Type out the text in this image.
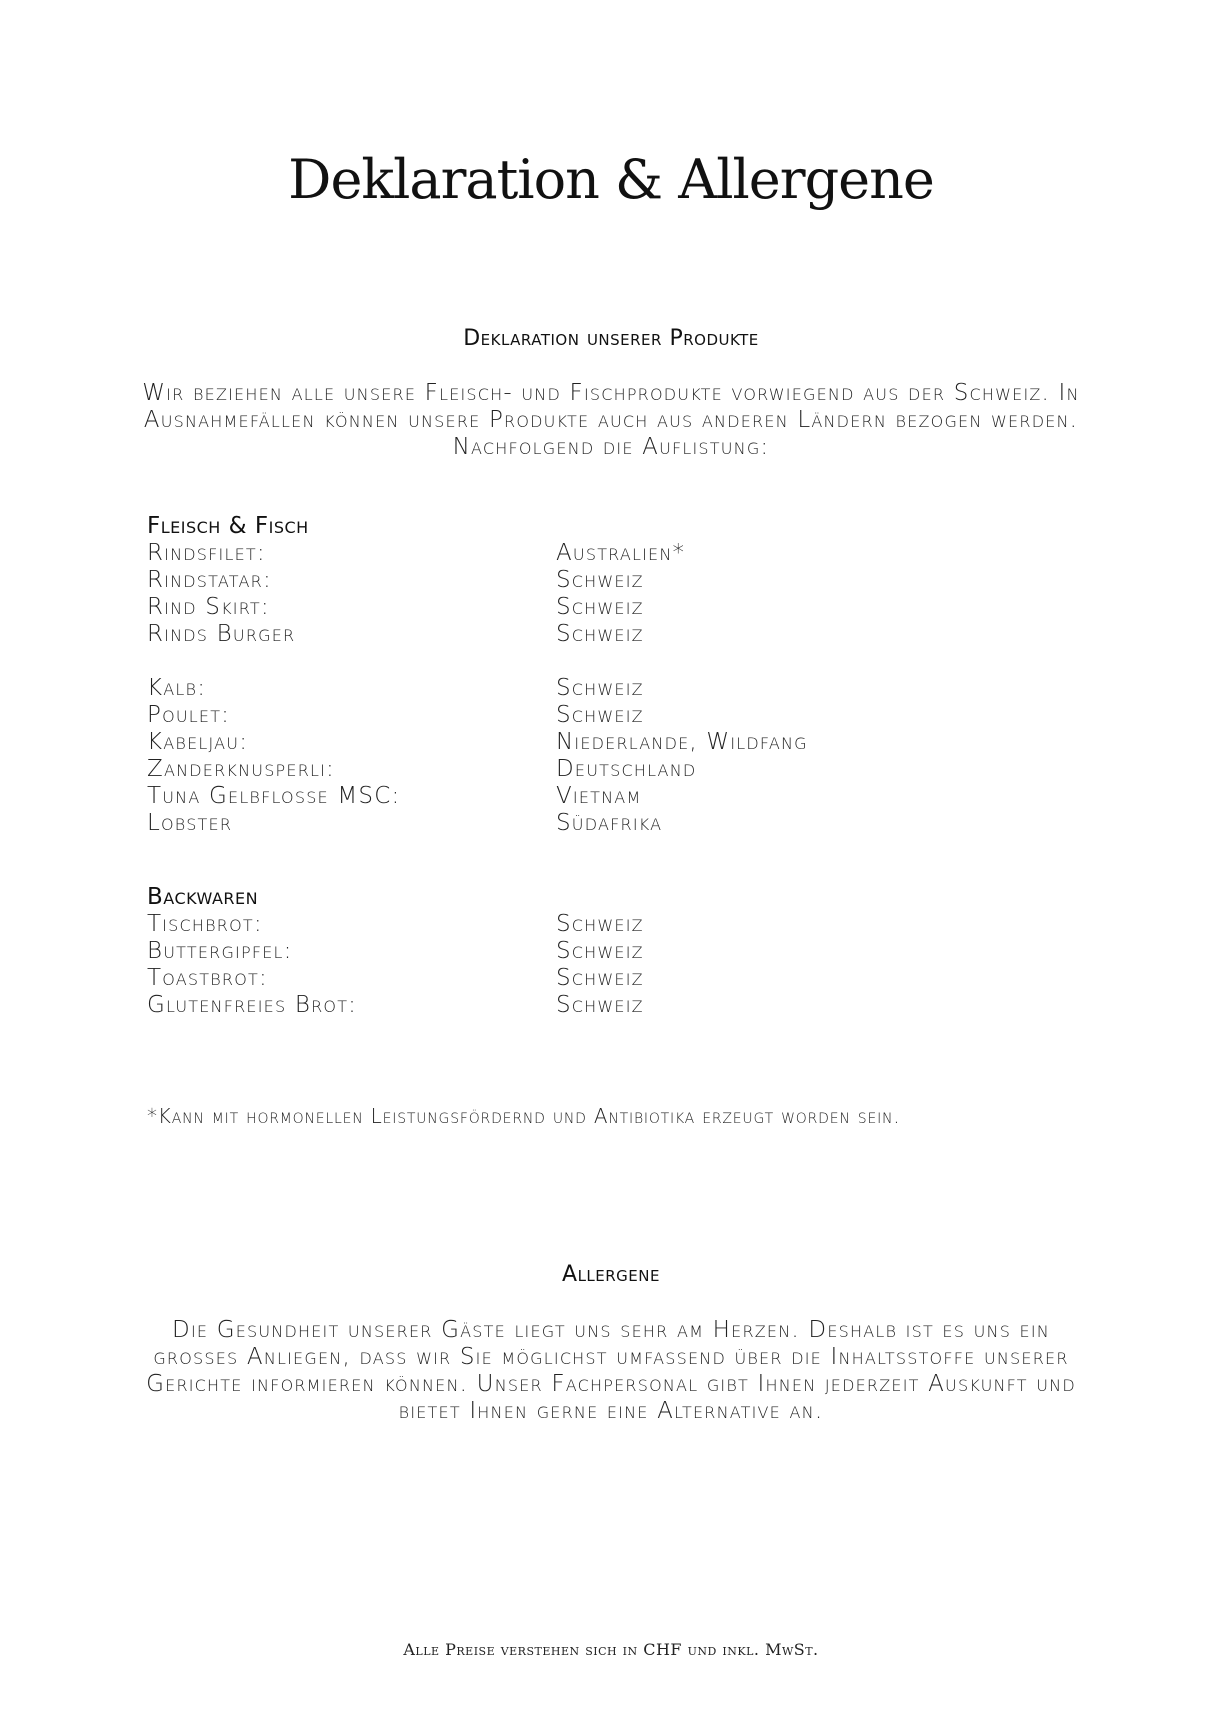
Deklaration & Allergene
Deklaration unserer Produkte
Wir beziehen alle unsere Fleisch- und Fischprodukte vorwiegend aus der Schweiz. In Ausnahmefällen können unsere Produkte auch aus anderen Ländern bezogen werden. Nachfolgend die Auflistung:
Fleisch & Fisch
Rindsfilet:	Australien*
Rindstatar:	Schweiz
Rind Skirt:	Schweiz
Rinds Burger	Schweiz
Kalb:	Schweiz
Poulet:	Schweiz
Kabeljau:	Niederlande, Wildfang
Zanderknusperli:	Deutschland
Tuna Gelbflosse MSC:	Vietnam
Lobster	Südafrika
Backwaren
Tischbrot:	Schweiz
Buttergipfel:	Schweiz
Toastbrot:	Schweiz
Glutenfreies Brot:	Schweiz
*Kann mit hormonellen Leistungsfördernd und Antibiotika erzeugt worden sein.
Allergene
Die Gesundheit unserer Gäste liegt uns sehr am Herzen. Deshalb ist es uns ein grosses Anliegen, dass wir Sie möglichst umfassend über die Inhaltsstoffe unserer Gerichte informieren können. Unser Fachpersonal gibt Ihnen jederzeit Auskunft und bietet Ihnen gerne eine Alternative an.
Alle Preise verstehen sich in CHF und inkl. MwSt.
